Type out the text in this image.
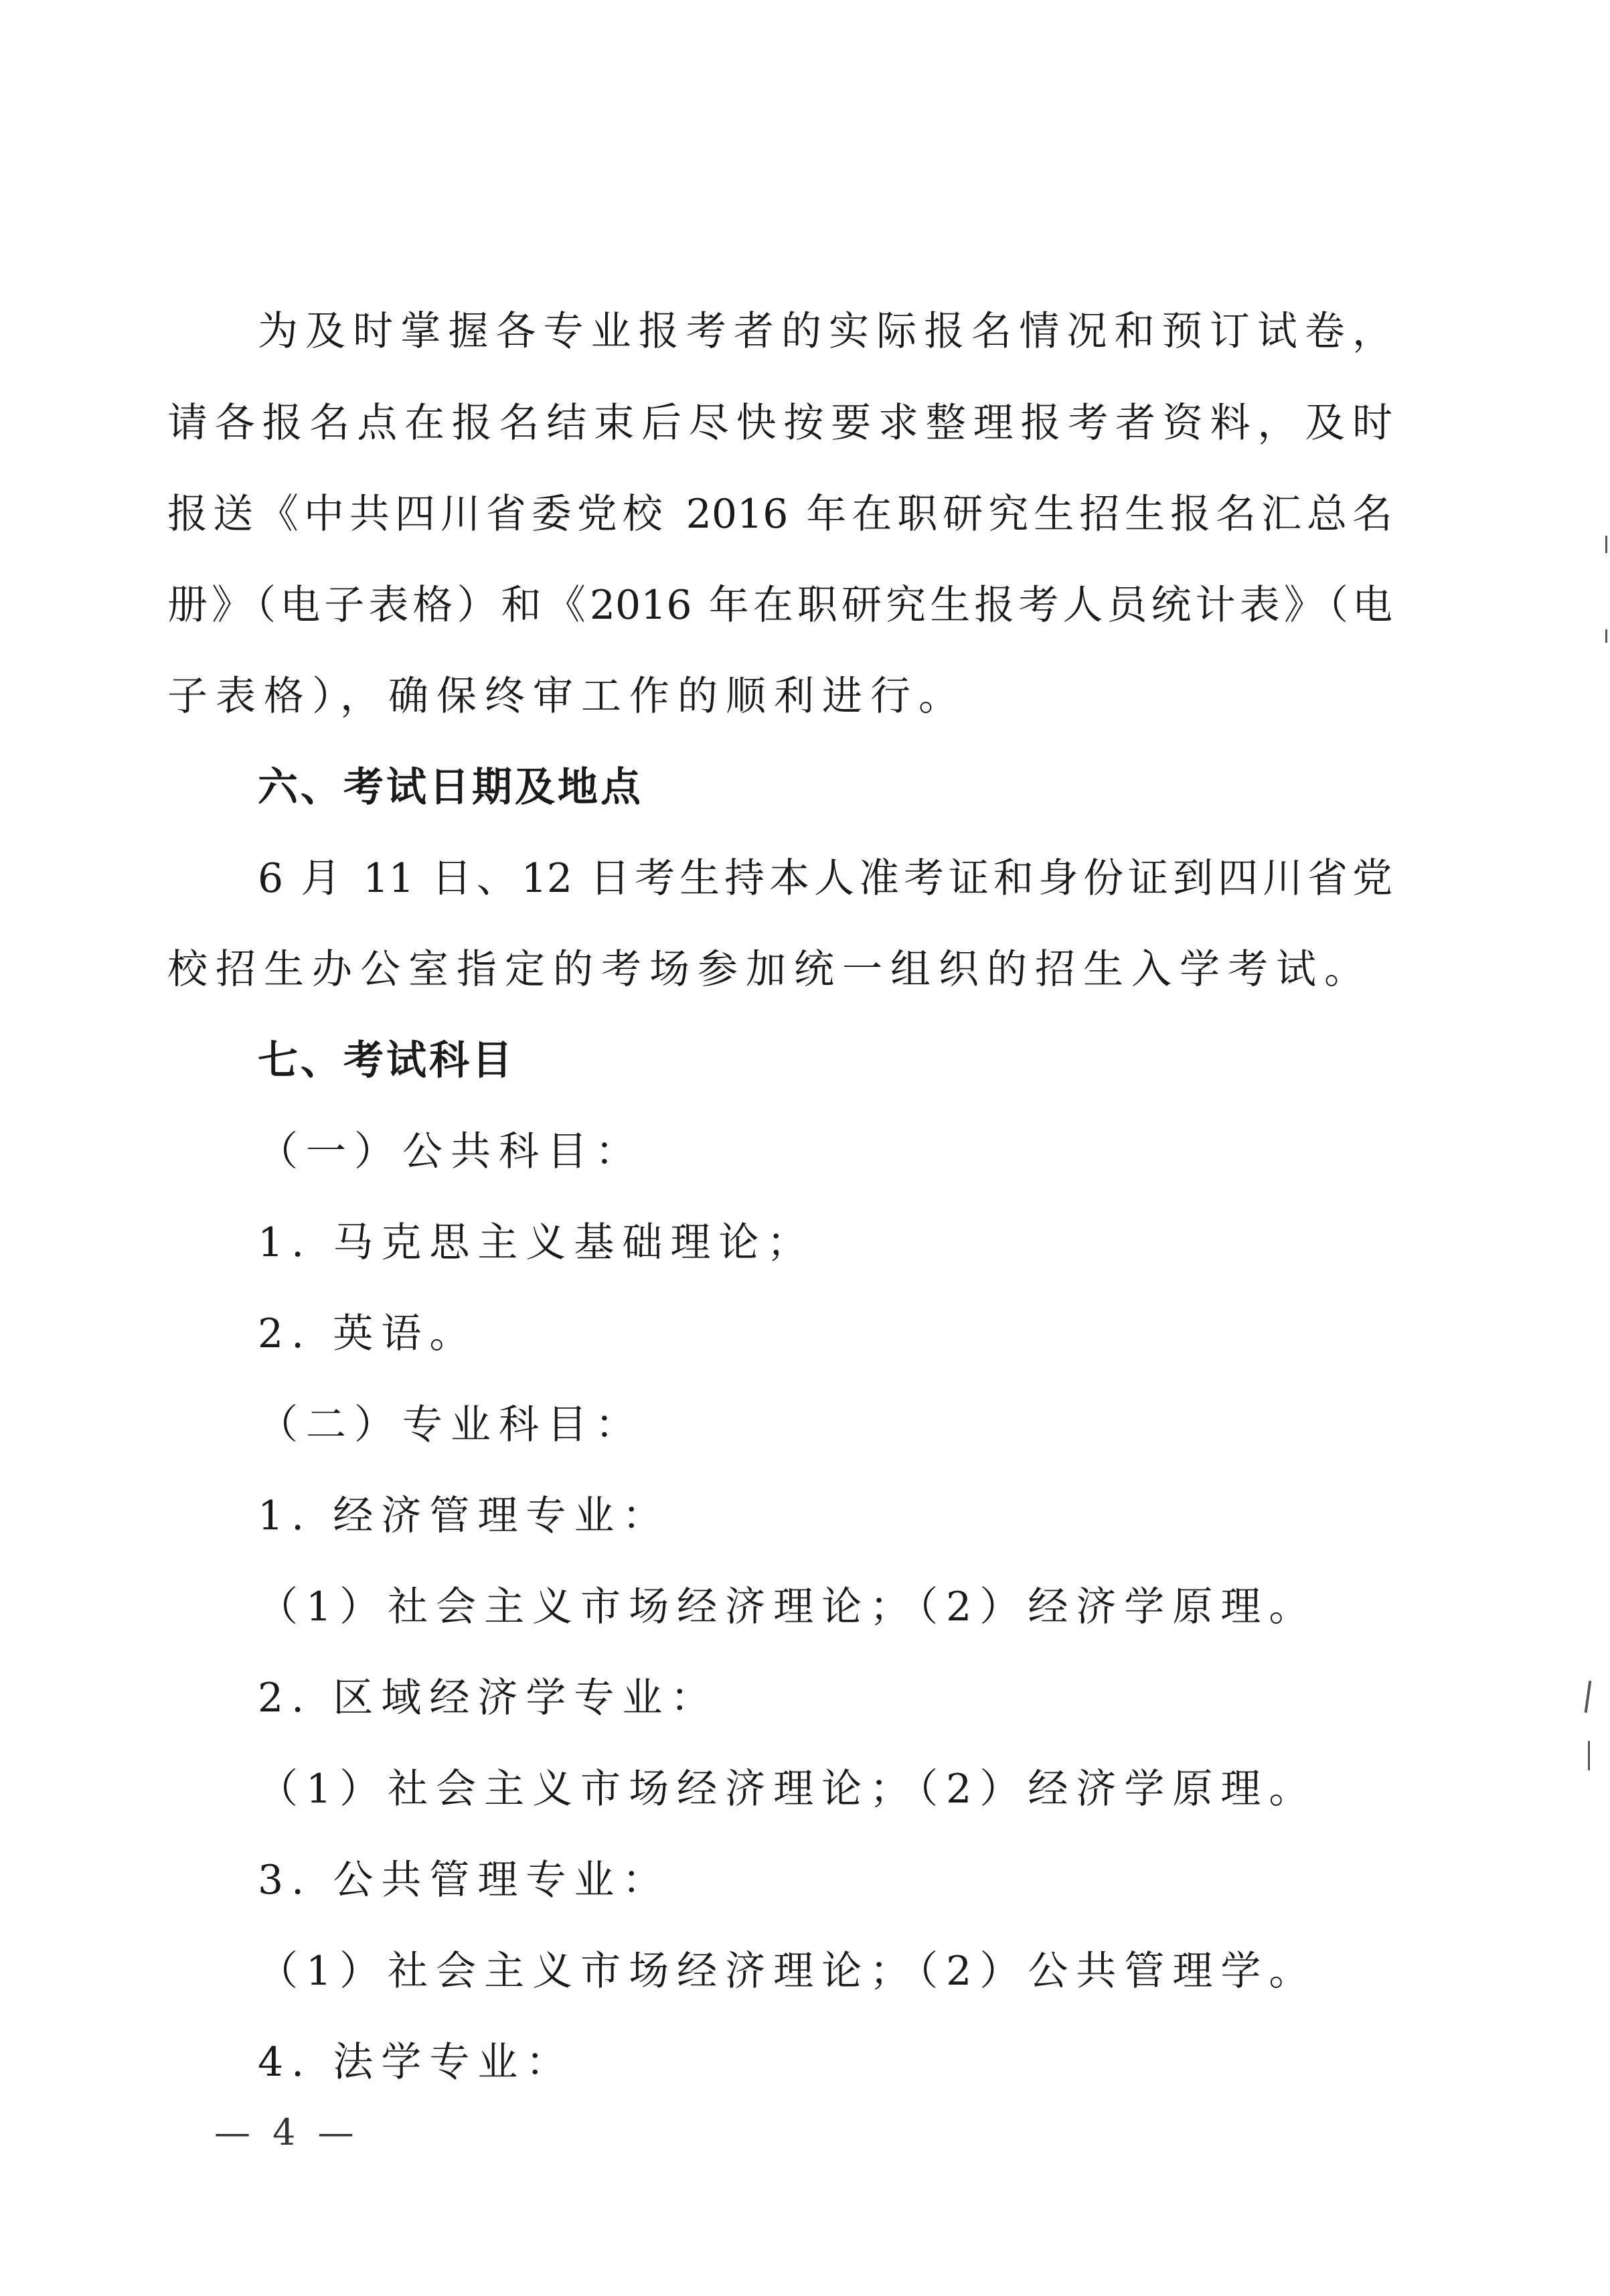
为及时掌握各专业报考者的实际报名情况和预订试卷，
请各报名点在报名结束后尽快按要求整理报考者资料，及时
报送《中共四川省委党校 2016 年在职研究生招生报名汇总名
册》（电子表格）和《2016 年在职研究生报考人员统计表》（电
子表格），确保终审工作的顺利进行。
六、考试日期及地点
6 月 11 日、12 日考生持本人准考证和身份证到四川省党
校招生办公室指定的考场参加统一组织的招生入学考试。
七、考试科目
（一）公共科目：
1. 马克思主义基础理论；
2. 英语。
（二）专业科目：
1. 经济管理专业：
（1）社会主义市场经济理论；（2）经济学原理。
2. 区域经济学专业：
（1）社会主义市场经济理论；（2）经济学原理。
3. 公共管理专业：
（1）社会主义市场经济理论；（2）公共管理学。
4. 法学专业：
— 4 —
